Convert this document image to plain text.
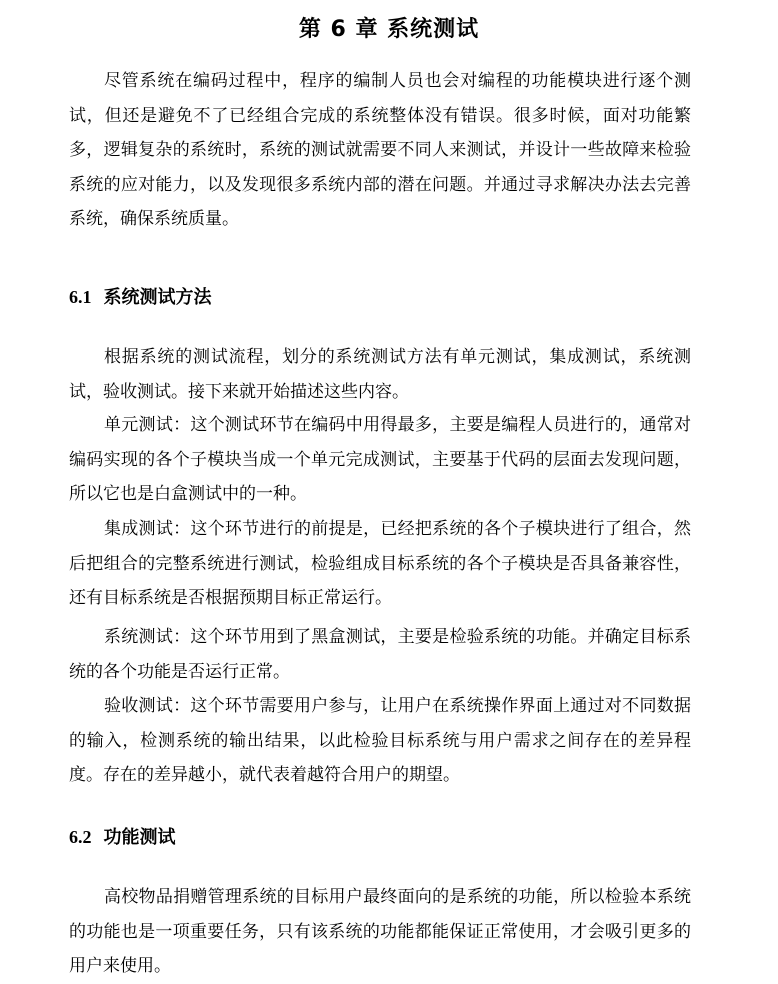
第 6 章 系统测试

尽管系统在编码过程中，程序的编制人员也会对编程的功能模块进行逐个测试，但还是避免不了已经组合完成的系统整体没有错误。很多时候，面对功能繁多，逻辑复杂的系统时，系统的测试就需要不同人来测试，并设计一些故障来检验系统的应对能力，以及发现很多系统内部的潜在问题。并通过寻求解决办法去完善系统，确保系统质量。

6.1 系统测试方法

根据系统的测试流程，划分的系统测试方法有单元测试，集成测试，系统测试，验收测试。接下来就开始描述这些内容。

单元测试：这个测试环节在编码中用得最多，主要是编程人员进行的，通常对编码实现的各个子模块当成一个单元完成测试，主要基于代码的层面去发现问题，所以它也是白盒测试中的一种。

集成测试：这个环节进行的前提是，已经把系统的各个子模块进行了组合，然后把组合的完整系统进行测试，检验组成目标系统的各个子模块是否具备兼容性，还有目标系统是否根据预期目标正常运行。

系统测试：这个环节用到了黑盒测试，主要是检验系统的功能。并确定目标系统的各个功能是否运行正常。

验收测试：这个环节需要用户参与，让用户在系统操作界面上通过对不同数据的输入，检测系统的输出结果，以此检验目标系统与用户需求之间存在的差异程度。存在的差异越小，就代表着越符合用户的期望。

6.2 功能测试

高校物品捐赠管理系统的目标用户最终面向的是系统的功能，所以检验本系统的功能也是一项重要任务，只有该系统的功能都能保证正常使用，才会吸引更多的用户来使用。
